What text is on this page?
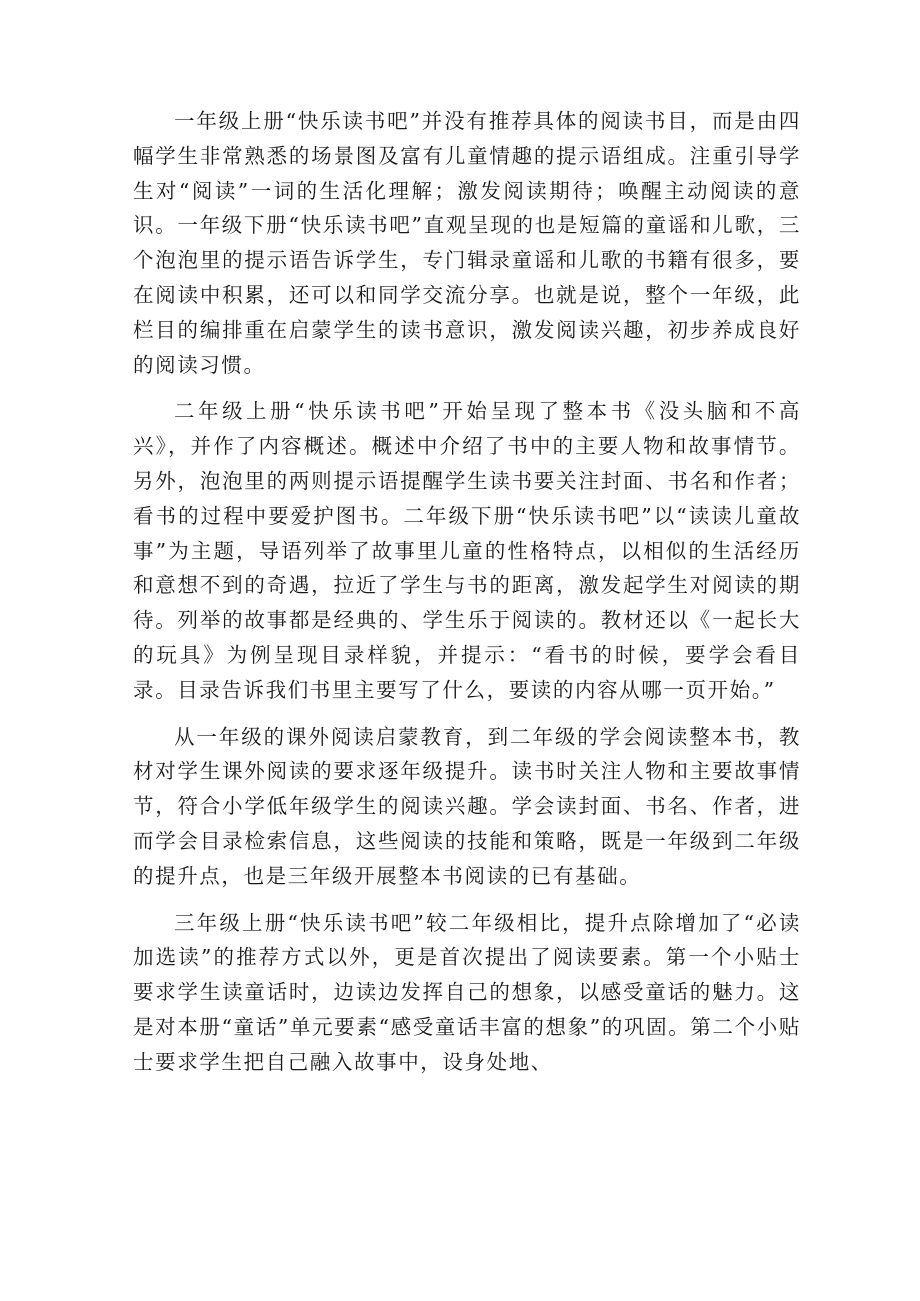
一年级上册“快乐读书吧”并没有推荐具体的阅读书目，而是由四幅学生非常熟悉的场景图及富有儿童情趣的提示语组成。注重引导学生对“阅读”一词的生活化理解；激发阅读期待；唤醒主动阅读的意识。一年级下册“快乐读书吧”直观呈现的也是短篇的童谣和儿歌，三个泡泡里的提示语告诉学生，专门辑录童谣和儿歌的书籍有很多，要在阅读中积累，还可以和同学交流分享。也就是说，整个一年级，此栏目的编排重在启蒙学生的读书意识，激发阅读兴趣，初步养成良好的阅读习惯。

二年级上册“快乐读书吧”开始呈现了整本书《没头脑和不高兴》，并作了内容概述。概述中介绍了书中的主要人物和故事情节。另外，泡泡里的两则提示语提醒学生读书要关注封面、书名和作者；看书的过程中要爱护图书。二年级下册“快乐读书吧”以“读读儿童故事”为主题，导语列举了故事里儿童的性格特点，以相似的生活经历和意想不到的奇遇，拉近了学生与书的距离，激发起学生对阅读的期待。列举的故事都是经典的、学生乐于阅读的。教材还以《一起长大的玩具》为例呈现目录样貌，并提示：“看书的时候，要学会看目录。目录告诉我们书里主要写了什么，要读的内容从哪一页开始。”

从一年级的课外阅读启蒙教育，到二年级的学会阅读整本书，教材对学生课外阅读的要求逐年级提升。读书时关注人物和主要故事情节，符合小学低年级学生的阅读兴趣。学会读封面、书名、作者，进而学会目录检索信息，这些阅读的技能和策略，既是一年级到二年级的提升点，也是三年级开展整本书阅读的已有基础。

三年级上册“快乐读书吧”较二年级相比，提升点除增加了“必读加选读”的推荐方式以外，更是首次提出了阅读要素。第一个小贴士要求学生读童话时，边读边发挥自己的想象，以感受童话的魅力。这是对本册“童话”单元要素“感受童话丰富的想象”的巩固。第二个小贴士要求学生把自己融入故事中，设身处地、
